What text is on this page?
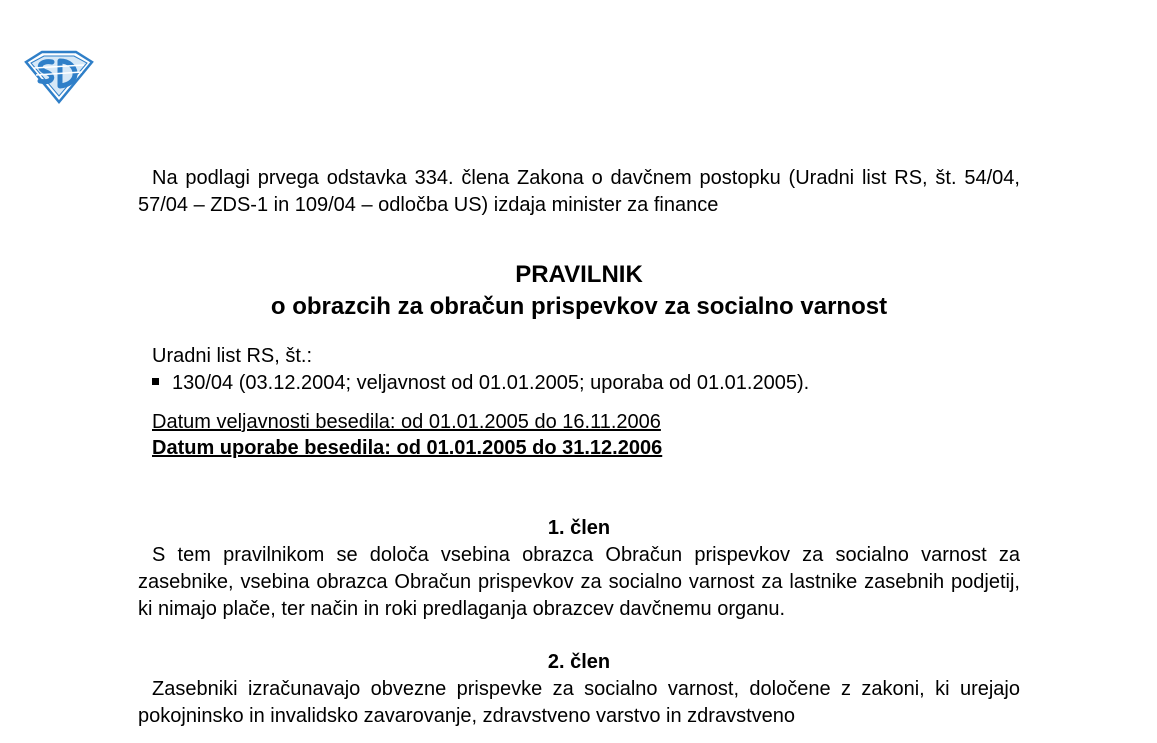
Na podlagi prvega odstavka 334. člena Zakona o davčnem postopku (Uradni list RS, št. 54/04, 57/04 – ZDS-1 in 109/04 – odločba US) izdaja minister za finance

PRAVILNIK
o obrazcih za obračun prispevkov za socialno varnost
Uradni list RS, št.:
130/04 (03.12.2004; veljavnost od 01.01.2005; uporaba od 01.01.2005).
Datum veljavnosti besedila: od 01.01.2005 do 16.11.2006
Datum uporabe besedila: od 01.01.2005 do 31.12.2006
1. člen

S tem pravilnikom se določa vsebina obrazca Obračun prispevkov za socialno varnost za zasebnike, vsebina obrazca Obračun prispevkov za socialno varnost za lastnike zasebnih podjetij, ki nimajo plače, ter način in roki predlaganja obrazcev davčnemu organu.

2. člen

Zasebniki izračunavajo obvezne prispevke za socialno varnost, določene z zakoni, ki urejajo pokojninsko in invalidsko zavarovanje, zdravstveno varstvo in zdravstveno
